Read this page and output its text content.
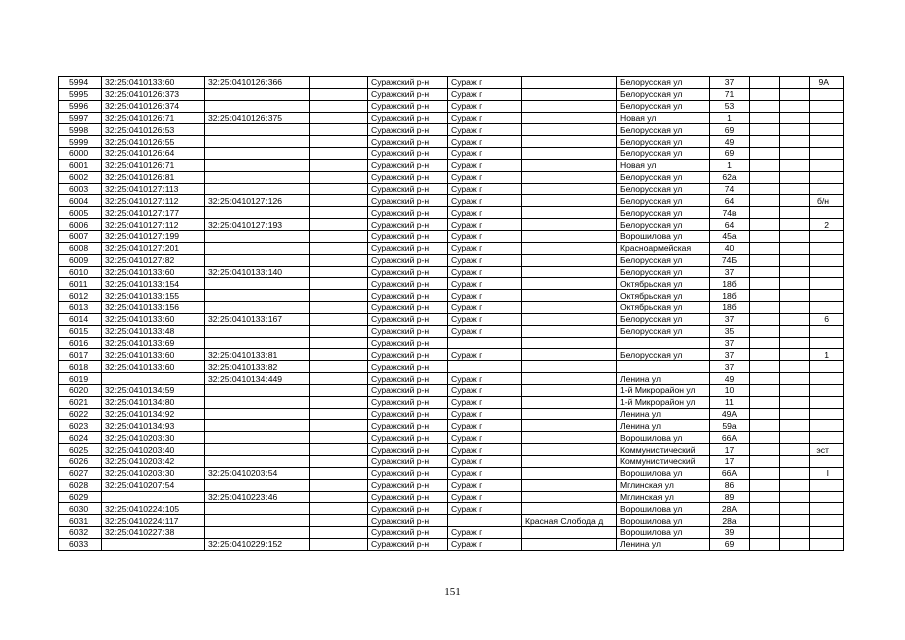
5994	32:25:0410133:60	32:25:0410126:366		Суражский р-н	Сураж г		Белорусская ул	37			9А
5995	32:25:0410126:373			Суражский р-н	Сураж г		Белорусская ул	71			
5996	32:25:0410126:374			Суражский р-н	Сураж г		Белорусская ул	53			
5997	32:25:0410126:71	32:25:0410126:375		Суражский р-н	Сураж г		Новая ул	1			
5998	32:25:0410126:53			Суражский р-н	Сураж г		Белорусская ул	69			
5999	32:25:0410126:55			Суражский р-н	Сураж г		Белорусская ул	49			
6000	32:25:0410126:64			Суражский р-н	Сураж г		Белорусская ул	69			
6001	32:25:0410126:71			Суражский р-н	Сураж г		Новая ул	1			
6002	32:25:0410126:81			Суражский р-н	Сураж г		Белорусская ул	62а			
6003	32:25:0410127:113			Суражский р-н	Сураж г		Белорусская ул	74			
6004	32:25:0410127:112	32:25:0410127:126		Суражский р-н	Сураж г		Белорусская ул	64			б/н
6005	32:25:0410127:177			Суражский р-н	Сураж г		Белорусская ул	74в			
6006	32:25:0410127:112	32:25:0410127:193		Суражский р-н	Сураж г		Белорусская ул	64			2
6007	32:25:0410127:199			Суражский р-н	Сураж г		Ворошилова ул	45а			
6008	32:25:0410127:201			Суражский р-н	Сураж г		Красноармейская	40			
6009	32:25:0410127:82			Суражский р-н	Сураж г		Белорусская ул	74Б			
6010	32:25:0410133:60	32:25:0410133:140		Суражский р-н	Сураж г		Белорусская ул	37			
6011	32:25:0410133:154			Суражский р-н	Сураж г		Октябрьская ул	18б			
6012	32:25:0410133:155			Суражский р-н	Сураж г		Октябрьская ул	18б			
6013	32:25:0410133:156			Суражский р-н	Сураж г		Октябрьская ул	18б			
6014	32:25:0410133:60	32:25:0410133:167		Суражский р-н	Сураж г		Белорусская ул	37			6
6015	32:25:0410133:48			Суражский р-н	Сураж г		Белорусская ул	35			
6016	32:25:0410133:69			Суражский р-н				37			
6017	32:25:0410133:60	32:25:0410133:81		Суражский р-н	Сураж г		Белорусская ул	37			1
6018	32:25:0410133:60	32:25:0410133:82		Суражский р-н				37			
6019		32:25:0410134:449		Суражский р-н	Сураж г		Ленина ул	49			
6020	32:25:0410134:59			Суражский р-н	Сураж г		1-й Микрорайон ул	10			
6021	32:25:0410134:80			Суражский р-н	Сураж г		1-й Микрорайон ул	11			
6022	32:25:0410134:92			Суражский р-н	Сураж г		Ленина ул	49А			
6023	32:25:0410134:93			Суражский р-н	Сураж г		Ленина ул	59а			
6024	32:25:0410203:30			Суражский р-н	Сураж г		Ворошилова ул	66А			
6025	32:25:0410203:40			Суражский р-н	Сураж г		Коммунистический	17			эст
6026	32:25:0410203:42			Суражский р-н	Сураж г		Коммунистический	17			
6027	32:25:0410203:30	32:25:0410203:54		Суражский р-н	Сураж г		Ворошилова ул	66А			I
6028	32:25:0410207:54			Суражский р-н	Сураж г		Мглинская ул	86			
6029		32:25:0410223:46		Суражский р-н	Сураж г		Мглинская ул	89			
6030	32:25:0410224:105			Суражский р-н	Сураж г		Ворошилова ул	28А			
6031	32:25:0410224:117			Суражский р-н		Красная Слобода д	Ворошилова ул	28а			
6032	32:25:0410227:38			Суражский р-н	Сураж г		Ворошилова ул	39			
6033		32:25:0410229:152		Суражский р-н	Сураж г		Ленина ул	69			
151
